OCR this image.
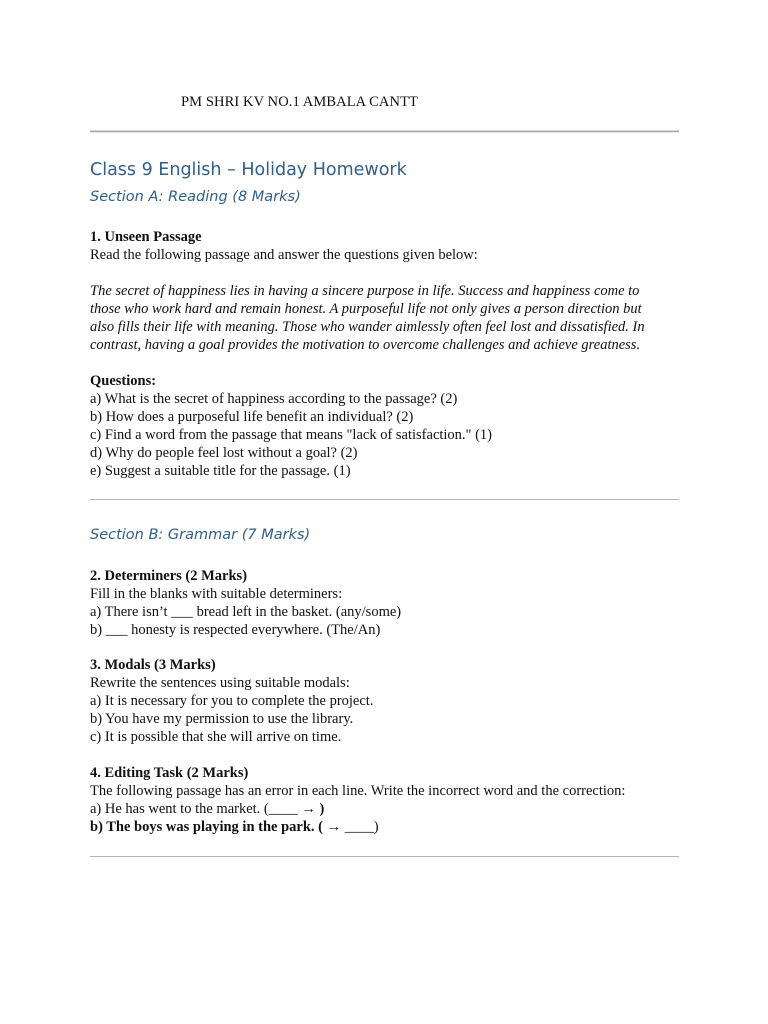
PM SHRI KV NO.1 AMBALA CANTT
Class 9 English – Holiday Homework
Section A: Reading (8 Marks)
1. Unseen Passage
Read the following passage and answer the questions given below:
The secret of happiness lies in having a sincere purpose in life. Success and happiness come to
those who work hard and remain honest. A purposeful life not only gives a person direction but
also fills their life with meaning. Those who wander aimlessly often feel lost and dissatisfied. In
contrast, having a goal provides the motivation to overcome challenges and achieve greatness.
Questions:
a) What is the secret of happiness according to the passage? (2)
b) How does a purposeful life benefit an individual? (2)
c) Find a word from the passage that means "lack of satisfaction." (1)
d) Why do people feel lost without a goal? (2)
e) Suggest a suitable title for the passage. (1)
Section B: Grammar (7 Marks)
2. Determiners (2 Marks)
Fill in the blanks with suitable determiners:
a) There isn’t ___ bread left in the basket. (any/some)
b) ___ honesty is respected everywhere. (The/An)
3. Modals (3 Marks)
Rewrite the sentences using suitable modals:
a) It is necessary for you to complete the project.
b) You have my permission to use the library.
c) It is possible that she will arrive on time.
4. Editing Task (2 Marks)
The following passage has an error in each line. Write the incorrect word and the correction:
a) He has went to the market. (____ → )
b) The boys was playing in the park. ( → ____)
